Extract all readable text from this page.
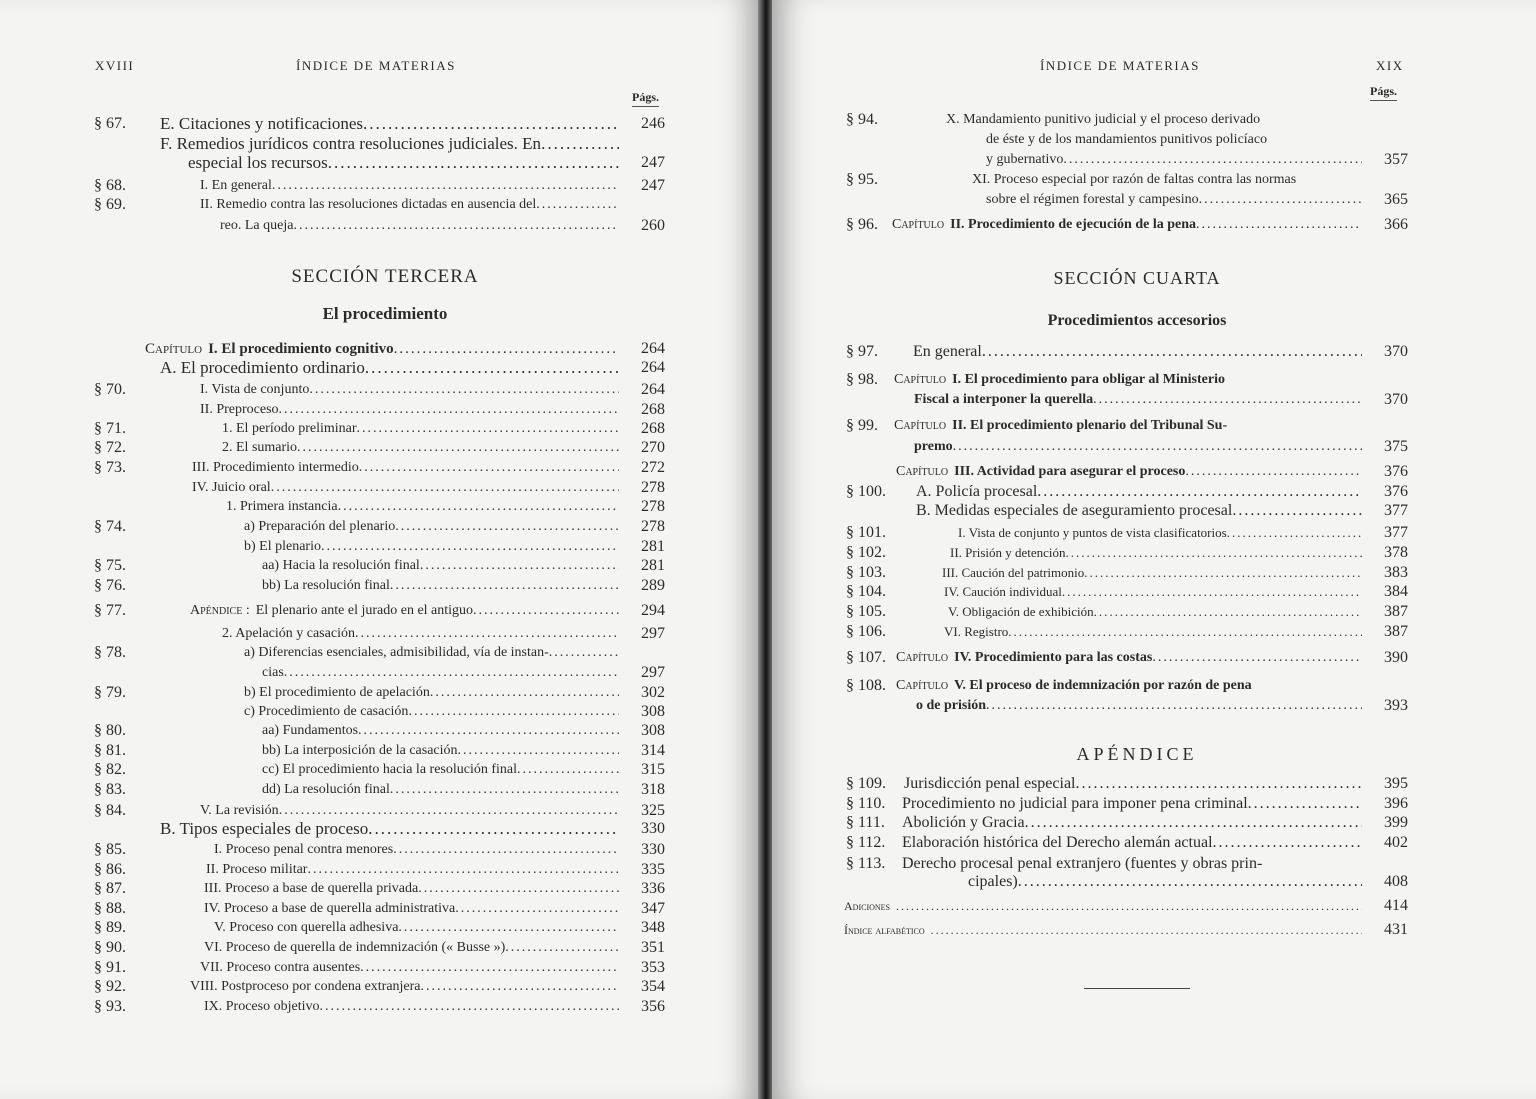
XVIII	ÍNDICE DE MATERIAS
Págs.
SECCIÓN TERCERA
El procedimiento
§ 67. E. Citaciones y notificaciones .....	246
F. Remedios jurídicos contra resoluciones judiciales. En
.....
especial los recursos .....	247
§ 68.	I. En general .....	247
§ 69.	II. Remedio contra las resoluciones dictadas en ausencia del
.....
reo. La queja .....	260
Capítulo I. El procedimiento cognitivo .....	264
A. El procedimiento ordinario .....	264
§ 70.	I. Vista de conjunto .....	264
II. Preproceso .....	268
§ 71.	1. El período preliminar .....	268
§ 72.	2. El sumario .....	270
§ 73.	III. Procedimiento intermedio .....	272
IV. Juicio oral .....	278
1. Primera instancia .....	278
§ 74.	a) Preparación del plenario .....	278
b) El plenario .....	281
§ 75.	aa) Hacia la resolución final .....	281
§ 76.	bb) La resolución final .....	289
§ 77.	Apéndice : El plenario ante el jurado en el antiguo .....	294
2. Apelación y casación .....	297
§ 78.	a) Diferencias esenciales, admisibilidad, vía de instan-
.....
cias .....	297
§ 79.	b) El procedimiento de apelación .....	302
c) Procedimiento de casación .....	308
§ 80.	aa) Fundamentos .....	308
§ 81.	bb) La interposición de la casación .....	314
§ 82.	cc) El procedimiento hacia la resolución final .....	315
§ 83.	dd) La resolución final .....	318
§ 84.	V. La revisión .....	325
B. Tipos especiales de proceso .....	330
§ 85.	I. Proceso penal contra menores .....	330
§ 86.	II. Proceso militar .....	335
§ 87.	III. Proceso a base de querella privada .....	336
§ 88.	IV. Proceso a base de querella administrativa .....	347
§ 89.	V. Proceso con querella adhesiva .....	348
§ 90.	VI. Proceso de querella de indemnización (« Busse ») .....	351
§ 91.	VII. Proceso contra ausentes .....	353
§ 92.	VIII. Postproceso por condena extranjera .....	354
§ 93.	IX. Proceso objetivo .....	356
ÍNDICE DE MATERIAS	XIX
Págs.
SECCIÓN CUARTA
Procedimientos accesorios
APÉNDICE
§ 94.	X. Mandamiento punitivo judicial y el proceso derivado
de éste y de los mandamientos punitivos policíaco
y gubernativo .....	357
§ 95.	XI. Proceso especial por razón de faltas contra las normas
sobre el régimen forestal y campesino .....	365
§ 96. Capítulo II. Procedimiento de ejecución de la pena .....	366
§ 97. En general .....	370
§ 98. Capítulo I. El procedimiento para obligar al Ministerio
Fiscal a interponer la querella .....	370
§ 99. Capítulo II. El procedimiento plenario del Tribunal Su-
premo .....	375
Capítulo III. Actividad para asegurar el proceso .....	376
§ 100. A. Policía procesal .....	376
B. Medidas especiales de aseguramiento procesal .....	377
§ 101.	I. Vista de conjunto y puntos de vista clasificatorios .....	377
§ 102.	II. Prisión y detención .....	378
§ 103.	III. Caución del patrimonio .....	383
§ 104.	IV. Caución individual .....	384
§ 105.	V. Obligación de exhibición .....	387
§ 106.	VI. Registro .....	387
§ 107. Capítulo IV. Procedimiento para las costas .....	390
§ 108. Capítulo V. El proceso de indemnización por razón de pena
o de prisión .....	393
§ 109. Jurisdicción penal especial .....	395
§ 110. Procedimiento no judicial para imponer pena criminal .....	396
§ 111. Abolición y Gracia .....	399
§ 112. Elaboración histórica del Derecho alemán actual .....	402
§ 113. Derecho procesal penal extranjero (fuentes y obras prin-
cipales) .....	408
Adiciones .....	414
Índice alfabético .....	431
